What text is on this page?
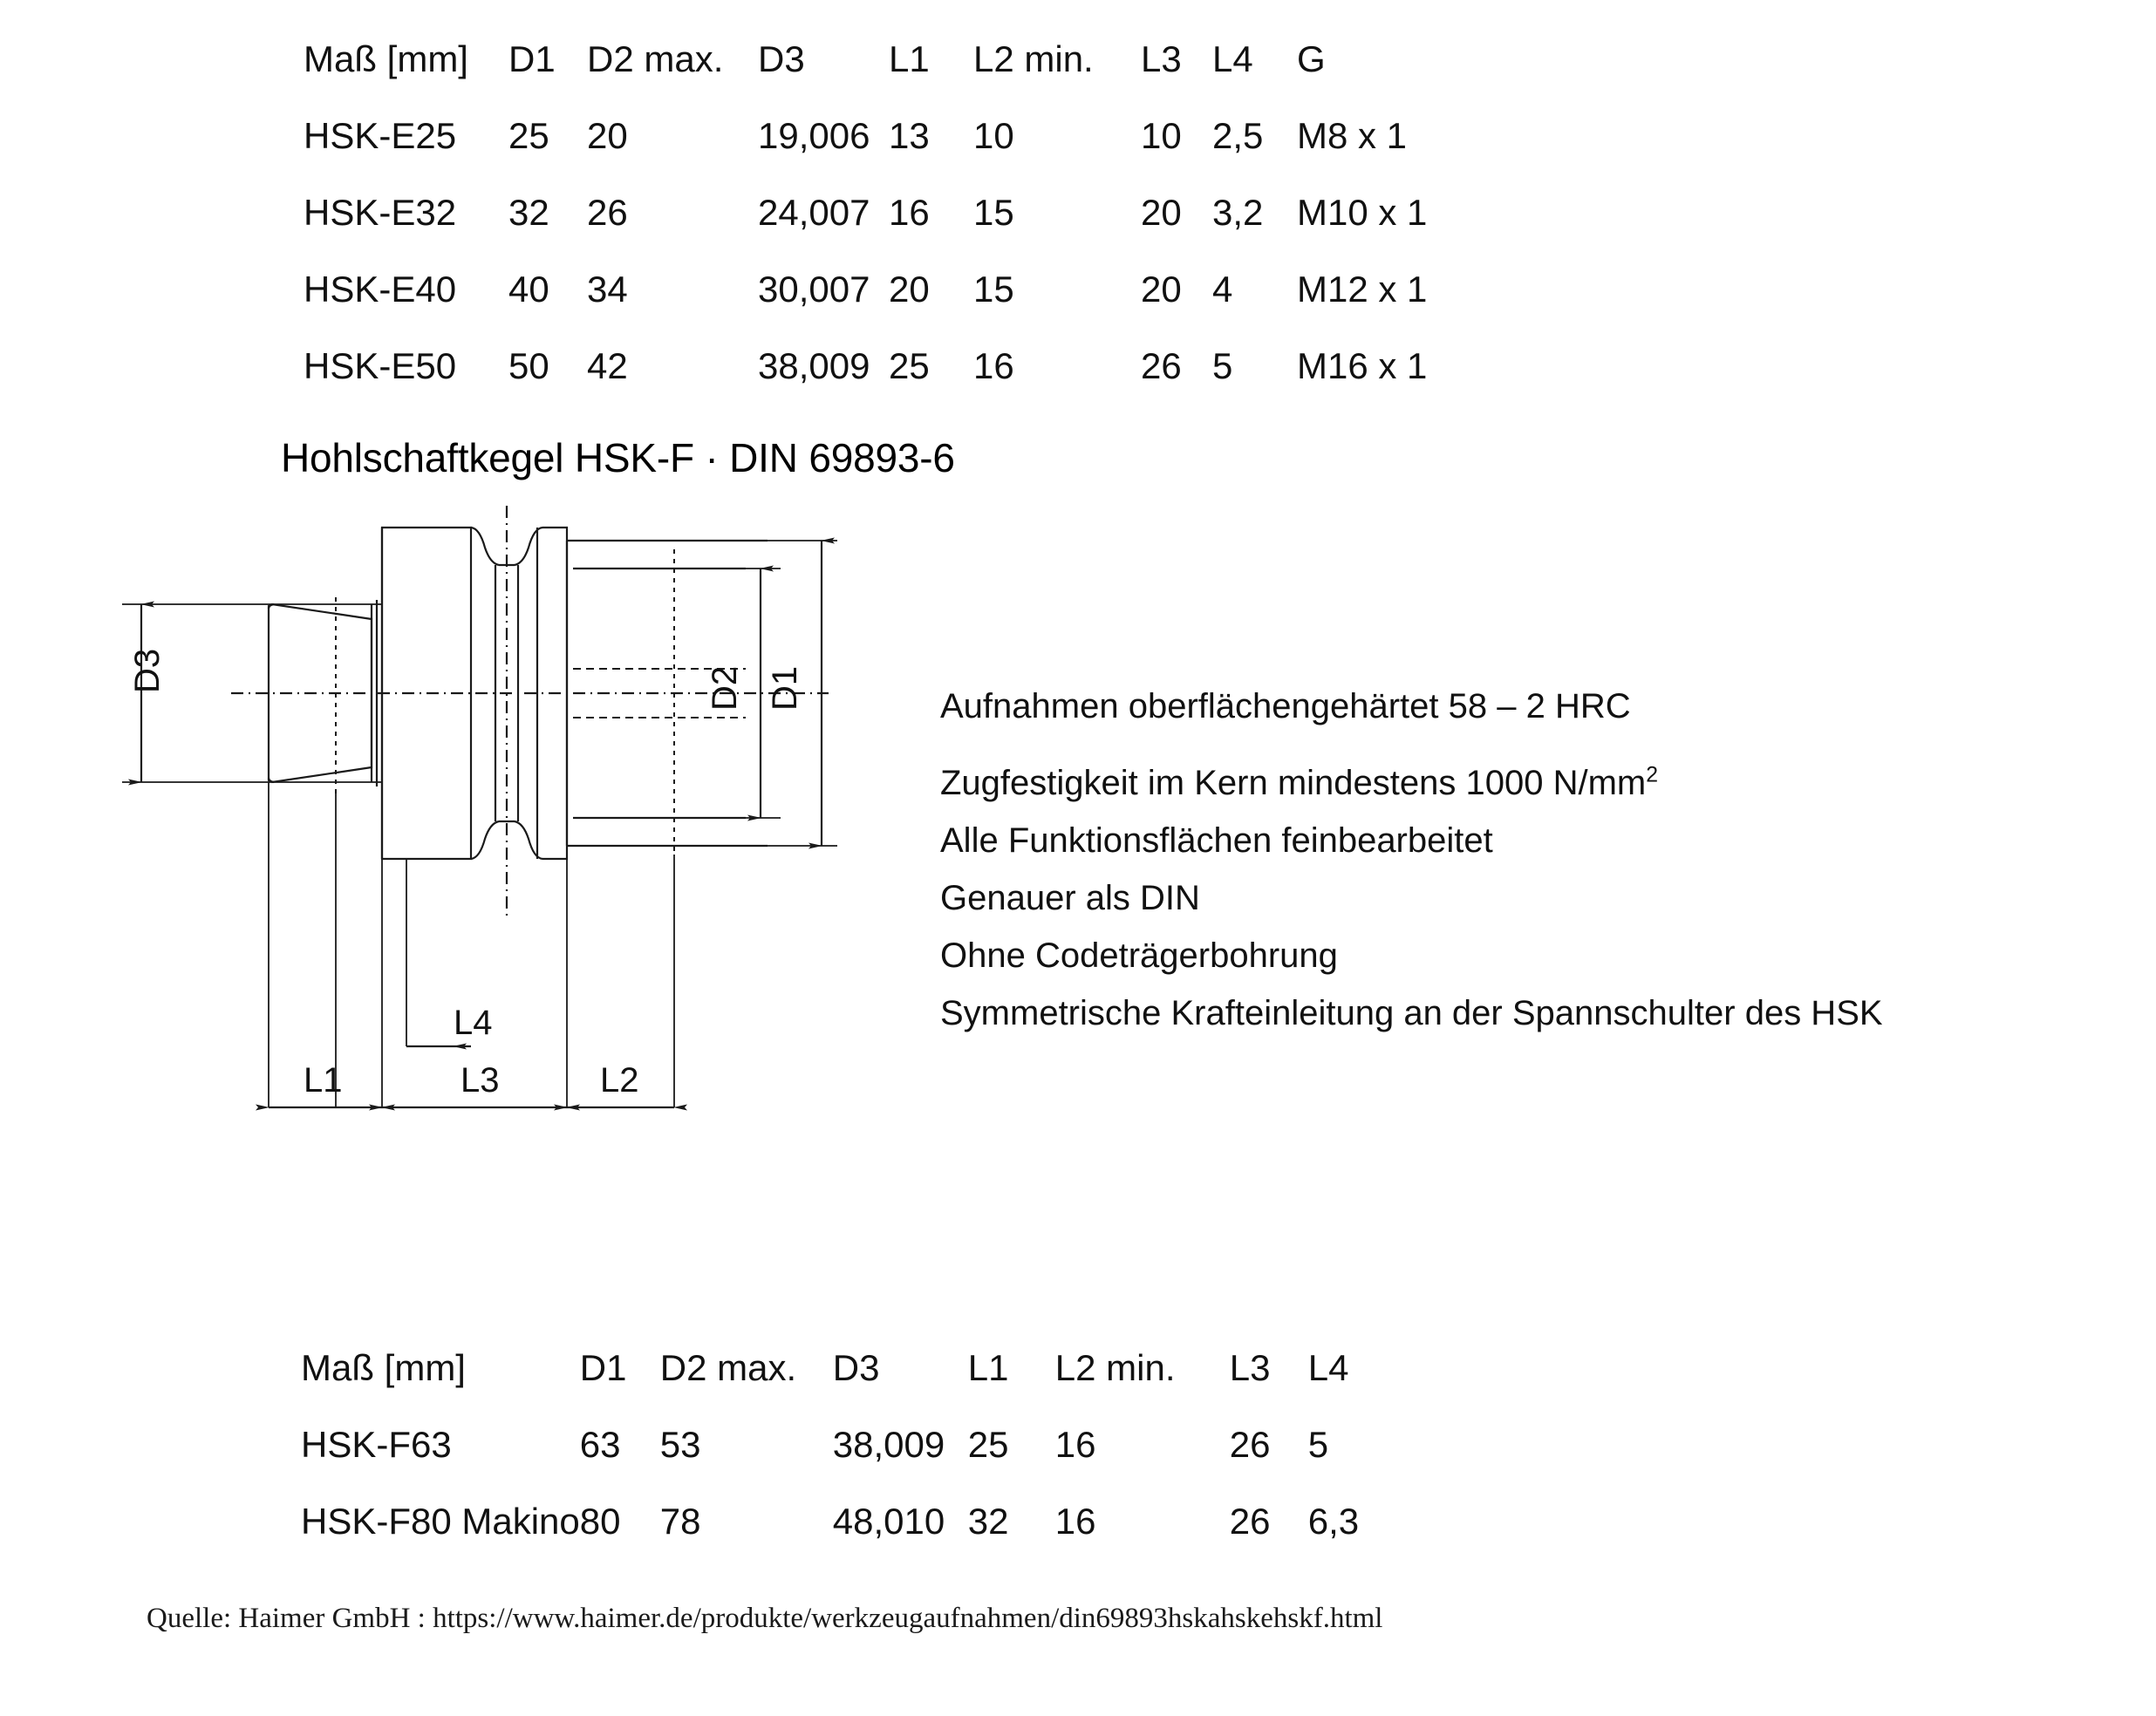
Maß [mm]	D1	D2 max.	D3	L1	L2 min.	L3	L4	G
HSK-E25	25	20	19,006	13	10	10	2,5	M8 x 1
HSK-E32	32	26	24,007	16	15	20	3,2	M10 x 1
HSK-E40	40	34	30,007	20	15	20	4	M12 x 1
HSK-E50	50	42	38,009	25	16	26	5	M16 x 1
Hohlschaftkegel HSK-F · DIN 69893-6
D3	D2 D1
L1	L3	L2
L4
Aufnahmen oberflächengehärtet 58 – 2 HRC
Zugfestigkeit im Kern mindestens 1000 $N/mm^2$
Alle Funktionsflächen feinbearbeitet
Genauer als DIN
Ohne Codeträgerbohrung
Symmetrische Krafteinleitung an der Spannschulter des HSK
Maß [mm]	D1	D2 max.	D3	L1	L2 min.	L3	L4
HSK-F63	63	53	38,009	25	16	26	5
HSK-F80 Makino	80	78	48,010	32	16	26	6,3
Quelle: Haimer GmbH : https://www.haimer.de/produkte/werkzeugaufnahmen/din69893hskahskehskf.html
